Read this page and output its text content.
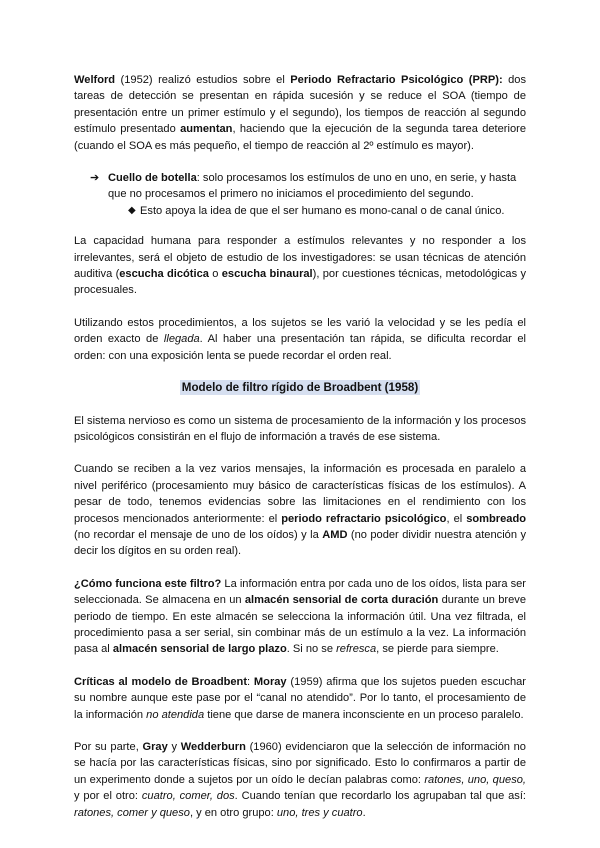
Welford (1952) realizó estudios sobre el Periodo Refractario Psicológico (PRP): dos tareas de detección se presentan en rápida sucesión y se reduce el SOA (tiempo de presentación entre un primer estímulo y el segundo), los tiempos de reacción al segundo estímulo presentado aumentan, haciendo que la ejecución de la segunda tarea deteriore (cuando el SOA es más pequeño, el tiempo de reacción al 2º estímulo es mayor).

➔ Cuello de botella: solo procesamos los estímulos de uno en uno, en serie, y hasta que no procesamos el primero no iniciamos el procedimiento del segundo.
◆ Esto apoya la idea de que el ser humano es mono-canal o de canal único.

La capacidad humana para responder a estímulos relevantes y no responder a los irrelevantes, será el objeto de estudio de los investigadores: se usan técnicas de atención auditiva (escucha dicótica o escucha binaural), por cuestiones técnicas, metodológicas y procesuales.

Utilizando estos procedimientos, a los sujetos se les varió la velocidad y se les pedía el orden exacto de llegada. Al haber una presentación tan rápida, se dificulta recordar el orden: con una exposición lenta se puede recordar el orden real.

Modelo de filtro rígido de Broadbent (1958)

El sistema nervioso es como un sistema de procesamiento de la información y los procesos psicológicos consistirán en el flujo de información a través de ese sistema.

Cuando se reciben a la vez varios mensajes, la información es procesada en paralelo a nivel periférico (procesamiento muy básico de características físicas de los estímulos). A pesar de todo, tenemos evidencias sobre las limitaciones en el rendimiento con los procesos mencionados anteriormente: el periodo refractario psicológico, el sombreado (no recordar el mensaje de uno de los oídos) y la AMD (no poder dividir nuestra atención y decir los dígitos en su orden real).

¿Cómo funciona este filtro? La información entra por cada uno de los oídos, lista para ser seleccionada. Se almacena en un almacén sensorial de corta duración durante un breve periodo de tiempo. En este almacén se selecciona la información útil. Una vez filtrada, el procedimiento pasa a ser serial, sin combinar más de un estímulo a la vez. La información pasa al almacén sensorial de largo plazo. Si no se refresca, se pierde para siempre.

Críticas al modelo de Broadbent: Moray (1959) afirma que los sujetos pueden escuchar su nombre aunque este pase por el “canal no atendido”. Por lo tanto, el procesamiento de la información no atendida tiene que darse de manera inconsciente en un proceso paralelo.

Por su parte, Gray y Wedderburn (1960) evidenciaron que la selección de información no se hacía por las características físicas, sino por significado. Esto lo confirmaros a partir de un experimento donde a sujetos por un oído le decían palabras como: ratones, uno, queso, y por el otro: cuatro, comer, dos. Cuando tenían que recordarlo los agrupaban tal que así: ratones, comer y queso, y en otro grupo: uno, tres y cuatro.
